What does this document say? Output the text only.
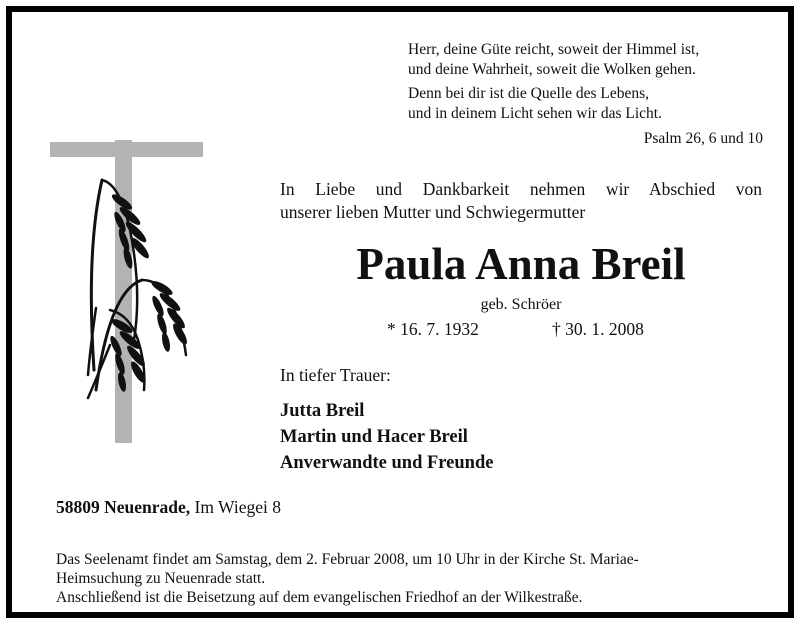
Herr, deine Güte reicht, soweit der Himmel ist,

und deine Wahrheit, soweit die Wolken gehen.

Denn bei dir ist die Quelle des Lebens,

und in deinem Licht sehen wir das Licht.

Psalm 26, 6 und 10

In Liebe und Dankbarkeit nehmen wir Abschied von
unserer lieben Mutter und Schwiegermutter
Paula Anna Breil
geb. Schröer
* 16. 7. 1932	† 30. 1. 2008
In tiefer Trauer:
Jutta Breil
Martin und Hacer Breil
Anverwandte und Freunde
58809 Neuenrade, Im Wiegei 8
Das Seelenamt findet am Samstag, dem 2. Februar 2008, um 10 Uhr in der Kirche St. Mariae-
Heimsuchung zu Neuenrade statt.
Anschließend ist die Beisetzung auf dem evangelischen Friedhof an der Wilkestraße.
